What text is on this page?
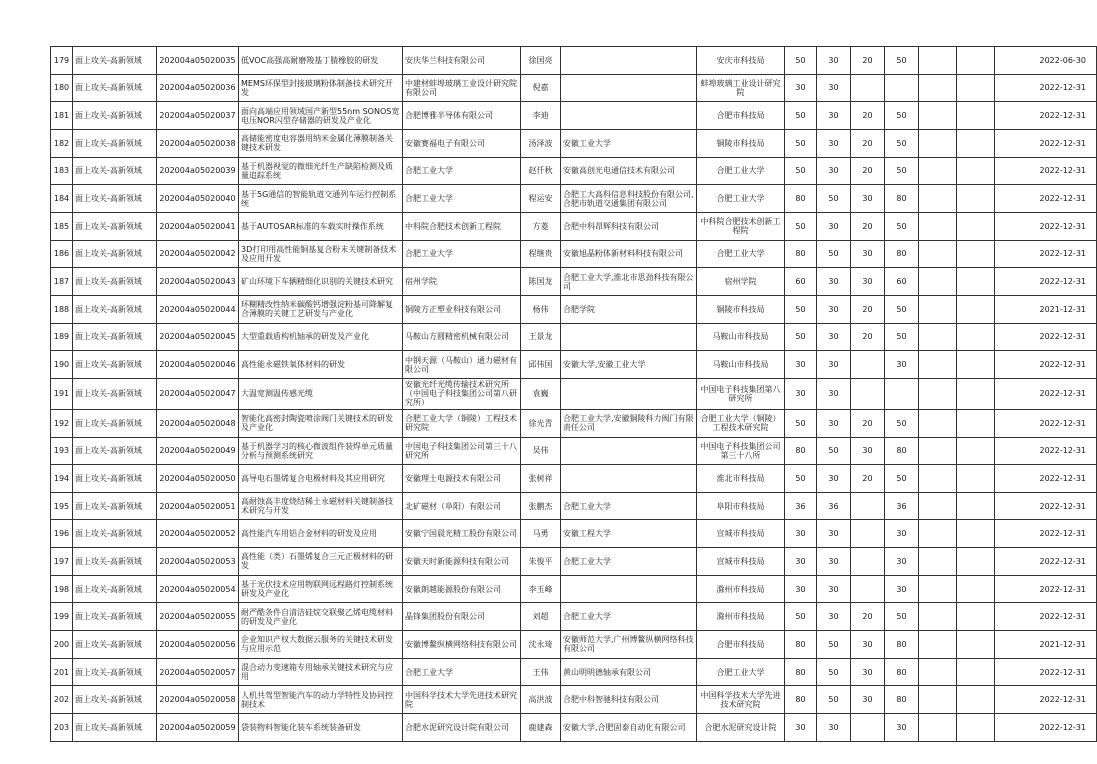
179	面上攻关-高新领域	202004a05020035	低VOC高强高耐磨羧基丁腈橡胶的研发	安庆华兰科技有限公司	徐国亮		安庆市科技局	50	30	20	50			2022-06-30
180	面上攻关-高新领域	202004a05020036	MEMS环保型封接玻璃粉体制备技术研究开发	中建材蚌埠玻璃工业设计研究院有限公司	倪嘉		蚌埠玻璃工业设计研究院	30	30					2022-12-31
181	面上攻关-高新领域	202004a05020037	面向高端应用领域国产新型55nm SONOS宽电压NOR闪型存储器的研发及产业化	合肥博雅半导体有限公司	李迪		合肥市科技局	50	30	20	50			2022-12-31
182	面上攻关-高新领域	202004a05020038	高储能密度电容器用纳米金属化薄膜制备关键技术研发	安徽赛福电子有限公司	汤泽波	安徽工业大学	铜陵市科技局	50	30	20	50			2022-12-31
183	面上攻关-高新领域	202004a05020039	基于机器视觉的微细光纤生产缺陷检测及质量追踪系统	合肥工业大学	赵仟秋	安徽高创光电通信技术有限公司	合肥工业大学	50	30	20	50			2022-12-31
184	面上攻关-高新领域	202004a05020040	基于5G通信的智能轨道交通列车运行控制系统	合肥工业大学	程运安	合肥工大高科信息科技股份有限公司,合肥市轨道交通集团有限公司	合肥工业大学	80	50	30	80			2022-12-31
185	面上攻关-高新领域	202004a05020041	基于AUTOSAR标准的车载实时操作系统	中科院合肥技术创新工程院	方菱	合肥中科昂辉科技有限公司	中科院合肥技术创新工程院	50	30	20	50			2022-12-31
186	面上攻关-高新领域	202004a05020042	3D打印用高性能铜基复合粉末关键制备技术及应用开发	合肥工业大学	程继贵	安徽旭晶粉体新材料科技有限公司	合肥工业大学	80	50	30	80			2022-12-31
187	面上攻关-高新领域	202004a05020043	矿山环境下车辆精细化识别的关键技术研究	宿州学院	陈国龙	合肥工业大学,淮北市思劲科技有限公司	宿州学院	60	30	30	60			2022-12-31
188	面上攻关-高新领域	202004a05020044	环糊精改性纳米碳酸钙增强淀粉基可降解复合薄膜的关键工艺研发与产业化	铜陵方正塑业科技有限公司	杨伟	合肥学院	铜陵市科技局	50	30	20	50			2021-12-31
189	面上攻关-高新领域	202004a05020045	大型重载盾构机轴承的研发及产业化	马鞍山方圆精密机械有限公司	王景龙		马鞍山市科技局	50	30	20	50			2022-12-31
190	面上攻关-高新领域	202004a05020046	高性能永磁铁氧体材料的研发	中钢天源（马鞍山）通力磁材有限公司	邱伟国	安徽大学,安徽工业大学	马鞍山市科技局	30	30		30			2022-12-31
191	面上攻关-高新领域	202004a05020047	大温宽测温传感光缆	安徽光纤光缆传输技术研究所（中国电子科技集团公司第八研究所）	袁巍		中国电子科技集团第八研究所	30	30					2022-12-31
192	面上攻关-高新领域	202004a05020048	智能化高密封陶瓷喷涂阀门关键技术的研发及产业化	合肥工业大学（铜陵）工程技术研究院	徐光青	合肥工业大学,安徽铜陵科力阀门有限责任公司	合肥工业大学（铜陵）工程技术研究院	50	30	20	50			2022-12-31
193	面上攻关-高新领域	202004a05020049	基于机器学习的核心微波组件装焊单元质量分析与预测系统研究	中国电子科技集团公司第三十八研究所	吴伟		中国电子科技集团公司第三十八所	80	50	30	80			2022-12-31
194	面上攻关-高新领域	202004a05020050	高导电石墨烯复合电极材料及其应用研究	安徽理士电源技术有限公司	张树祥		淮北市科技局	50	30	20	50			2022-12-31
195	面上攻关-高新领域	202004a05020051	高耐蚀高丰度烧结稀土永磁材料关键制备技术研究与开发	北矿磁材（阜阳）有限公司	张鹏杰	合肥工业大学	阜阳市科技局	36	36		36			2022-12-31
196	面上攻关-高新领域	202004a05020052	高性能汽车用铝合金材料的研发及应用	安徽宁国晨光精工股份有限公司	马勇	安徽工程大学	宣城市科技局	30	30		30			2022-12-31
197	面上攻关-高新领域	202004a05020053	高性能（类）石墨烯复合三元正极材料的研发	安徽天时新能源科技有限公司	朱俊平	合肥工业大学	宣城市科技局	30	30		30			2022-12-31
198	面上攻关-高新领域	202004a05020054	基于光伏技术应用物联网远程路灯控制系统研发及产业化	安徽朗越能源股份有限公司	李玉峰		滁州市科技局	30	30		30			2022-12-31
199	面上攻关-高新领域	202004a05020055	耐严酷条件自清洁硅烷交联聚乙烯电缆材料的研发及产业化	晶锋集团股份有限公司	刘超	合肥工业大学	滁州市科技局	50	30	20	50			2022-12-31
200	面上攻关-高新领域	202004a05020056	企业知识产权大数据云服务的关键技术研发与应用示范	安徽博鳌纵横网络科技有限公司	沈永琦	安徽师范大学,广州博鳌纵横网络科技有限公司	合肥市科技局	80	50	30	80			2021-12-31
201	面上攻关-高新领域	202004a05020057	混合动力变速箱专用轴承关键技术研究与应用	合肥工业大学	王伟	黄山明明德轴承有限公司	合肥工业大学	80	50	30	80			2022-12-31
202	面上攻关-高新领域	202004a05020058	人机共驾型智能汽车的动力学特性及协同控制技术	中国科学技术大学先进技术研究院	高洪波	合肥中科智驰科技有限公司	中国科学技术大学先进技术研究院	80	50	30	80			2022-12-31
203	面上攻关-高新领域	202004a05020059	袋装物料智能化装车系统装备研发	合肥水泥研究设计院有限公司	鹿建森	安徽大学,合肥固泰自动化有限公司	合肥水泥研究设计院	30	30		30			2022-12-31
